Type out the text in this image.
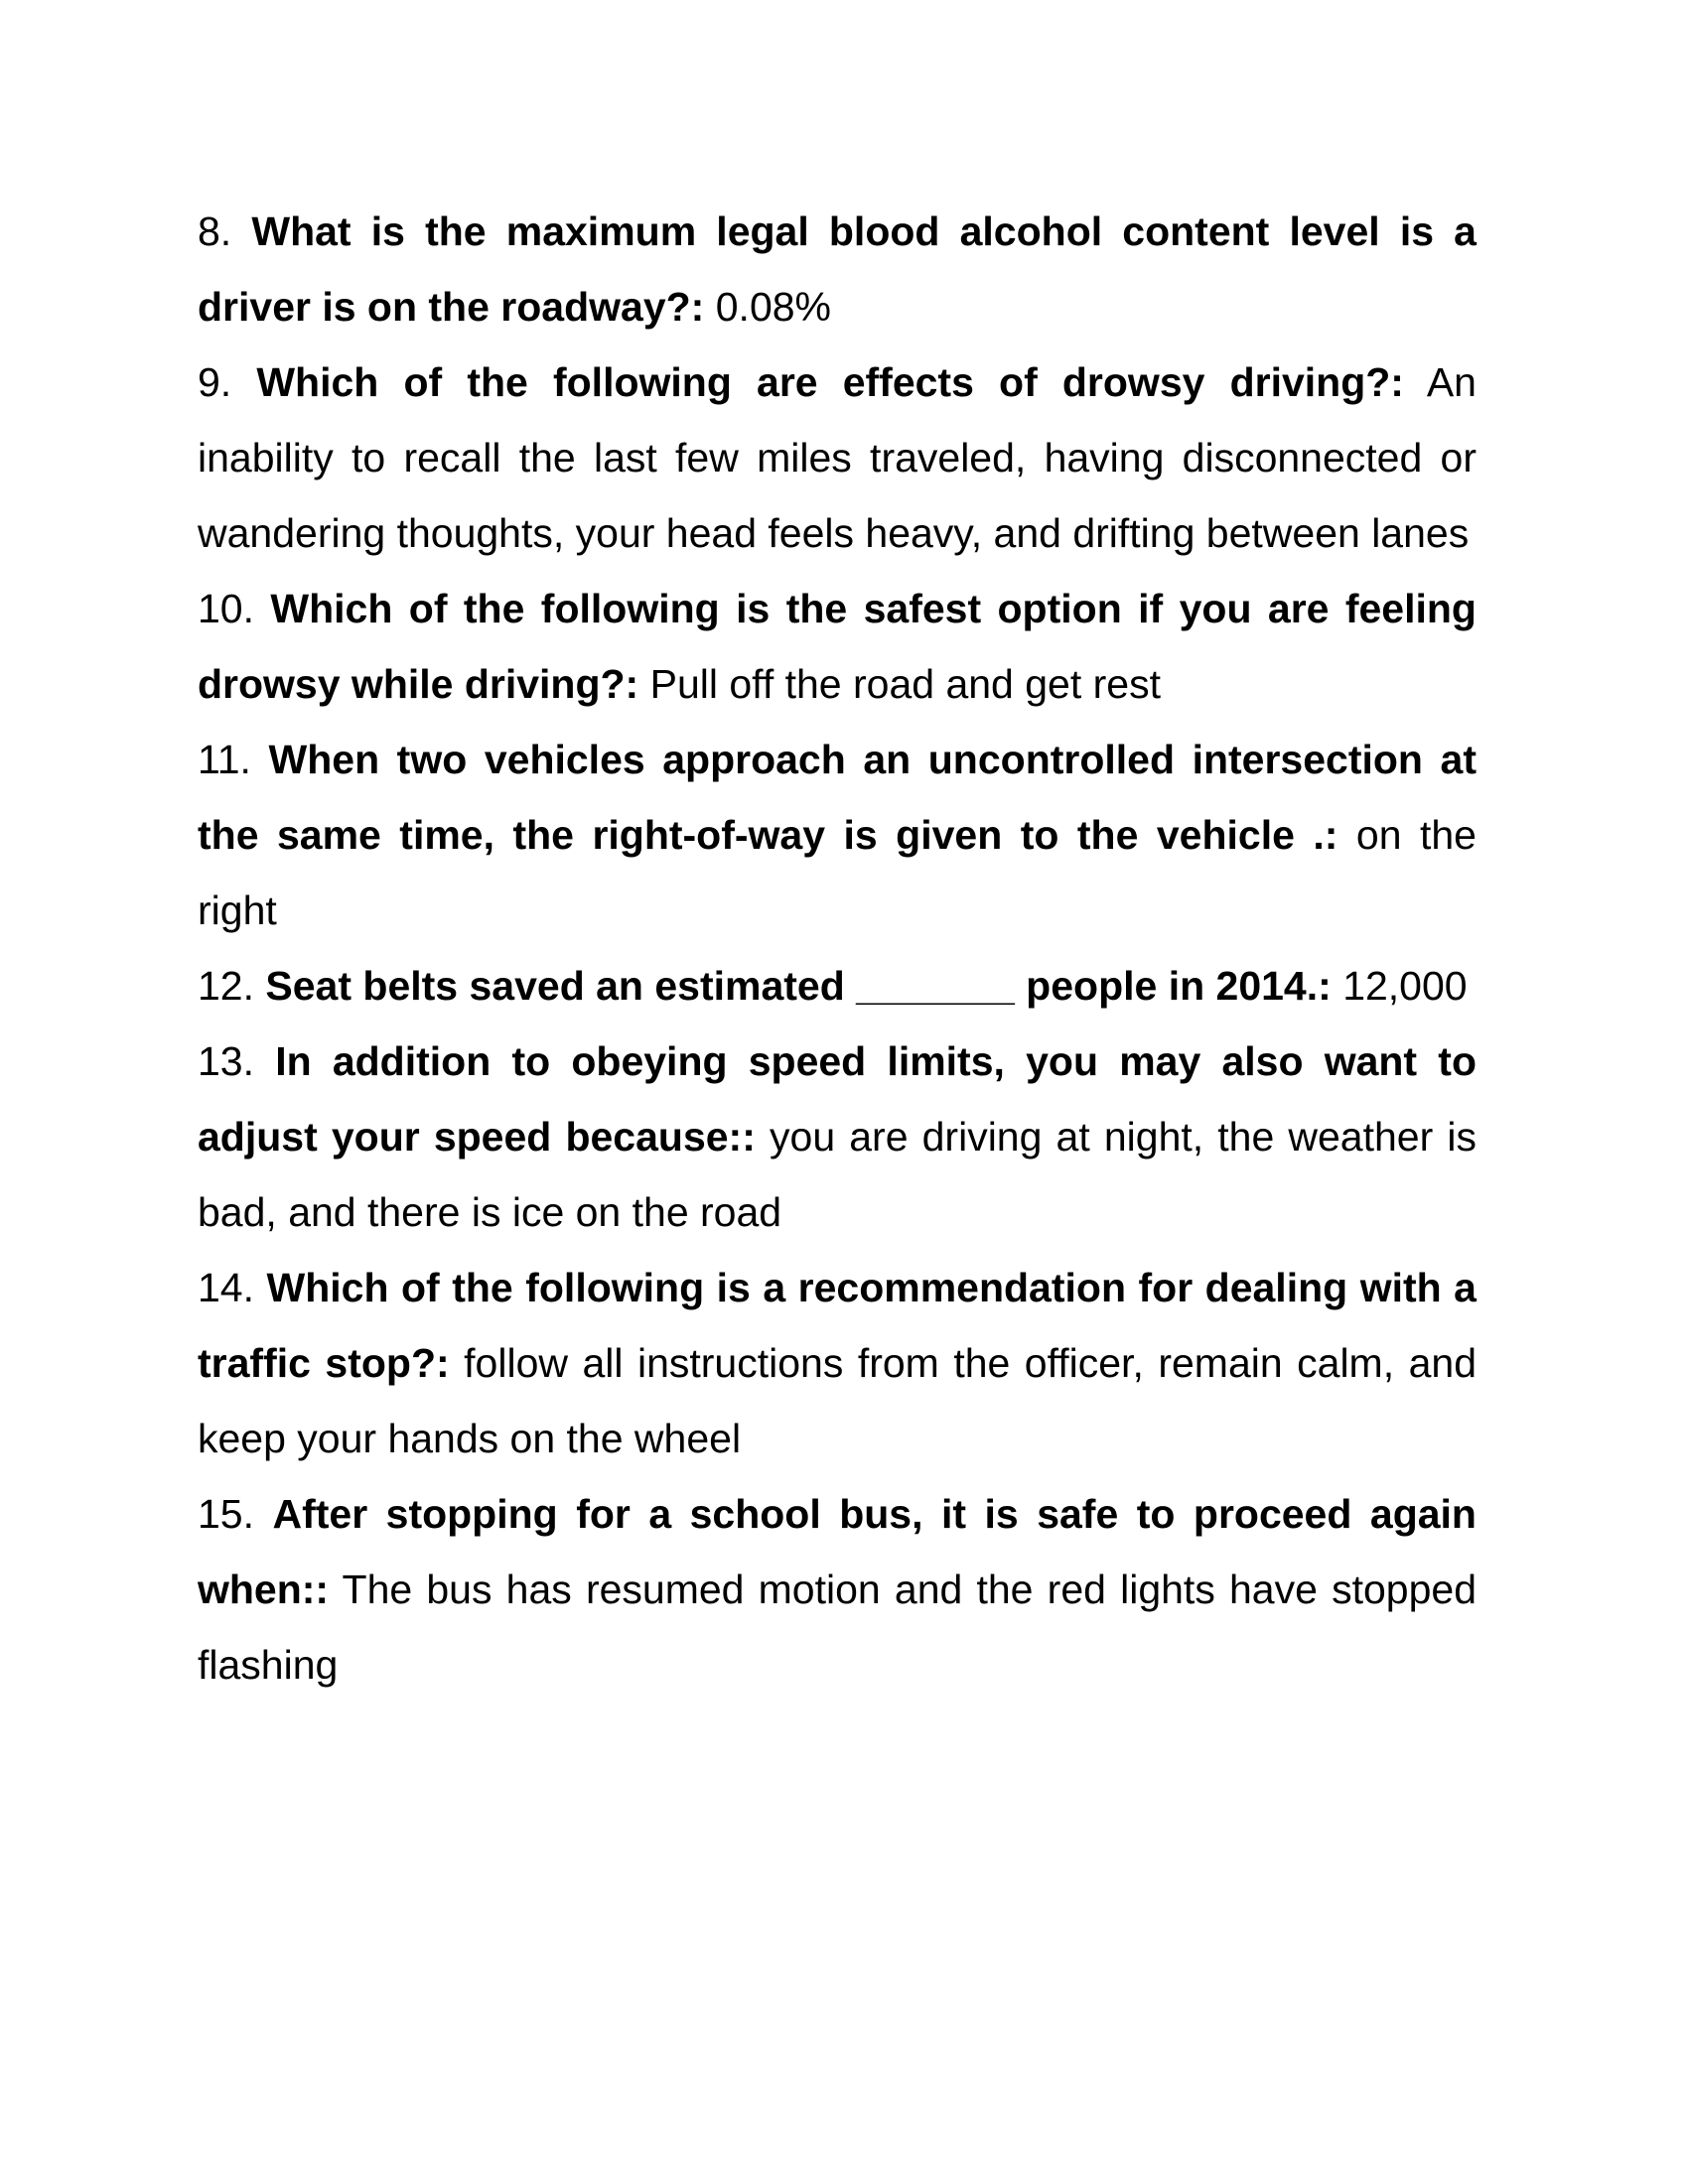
8. What is the maximum legal blood alcohol content level is a driver is on the roadway?: 0.08%

9. Which of the following are effects of drowsy driving?: An inability to recall the last few miles traveled, having disconnected or wandering thoughts, your head feels heavy, and drifting between lanes

10. Which of the following is the safest option if you are feeling drowsy while driving?: Pull off the road and get rest

11. When two vehicles approach an uncontrolled intersection at the same time, the right-of-way is given to the vehicle .: on the right

12. Seat belts saved an estimated _______ people in 2014.: 12,000

13. In addition to obeying speed limits, you may also want to adjust your speed because:: you are driving at night, the weather is bad, and there is ice on the road

14. Which of the following is a recommendation for dealing with a traffic stop?: follow all instructions from the officer, remain calm, and keep your hands on the wheel

15. After stopping for a school bus, it is safe to proceed again when:: The bus has resumed motion and the red lights have stopped flashing
